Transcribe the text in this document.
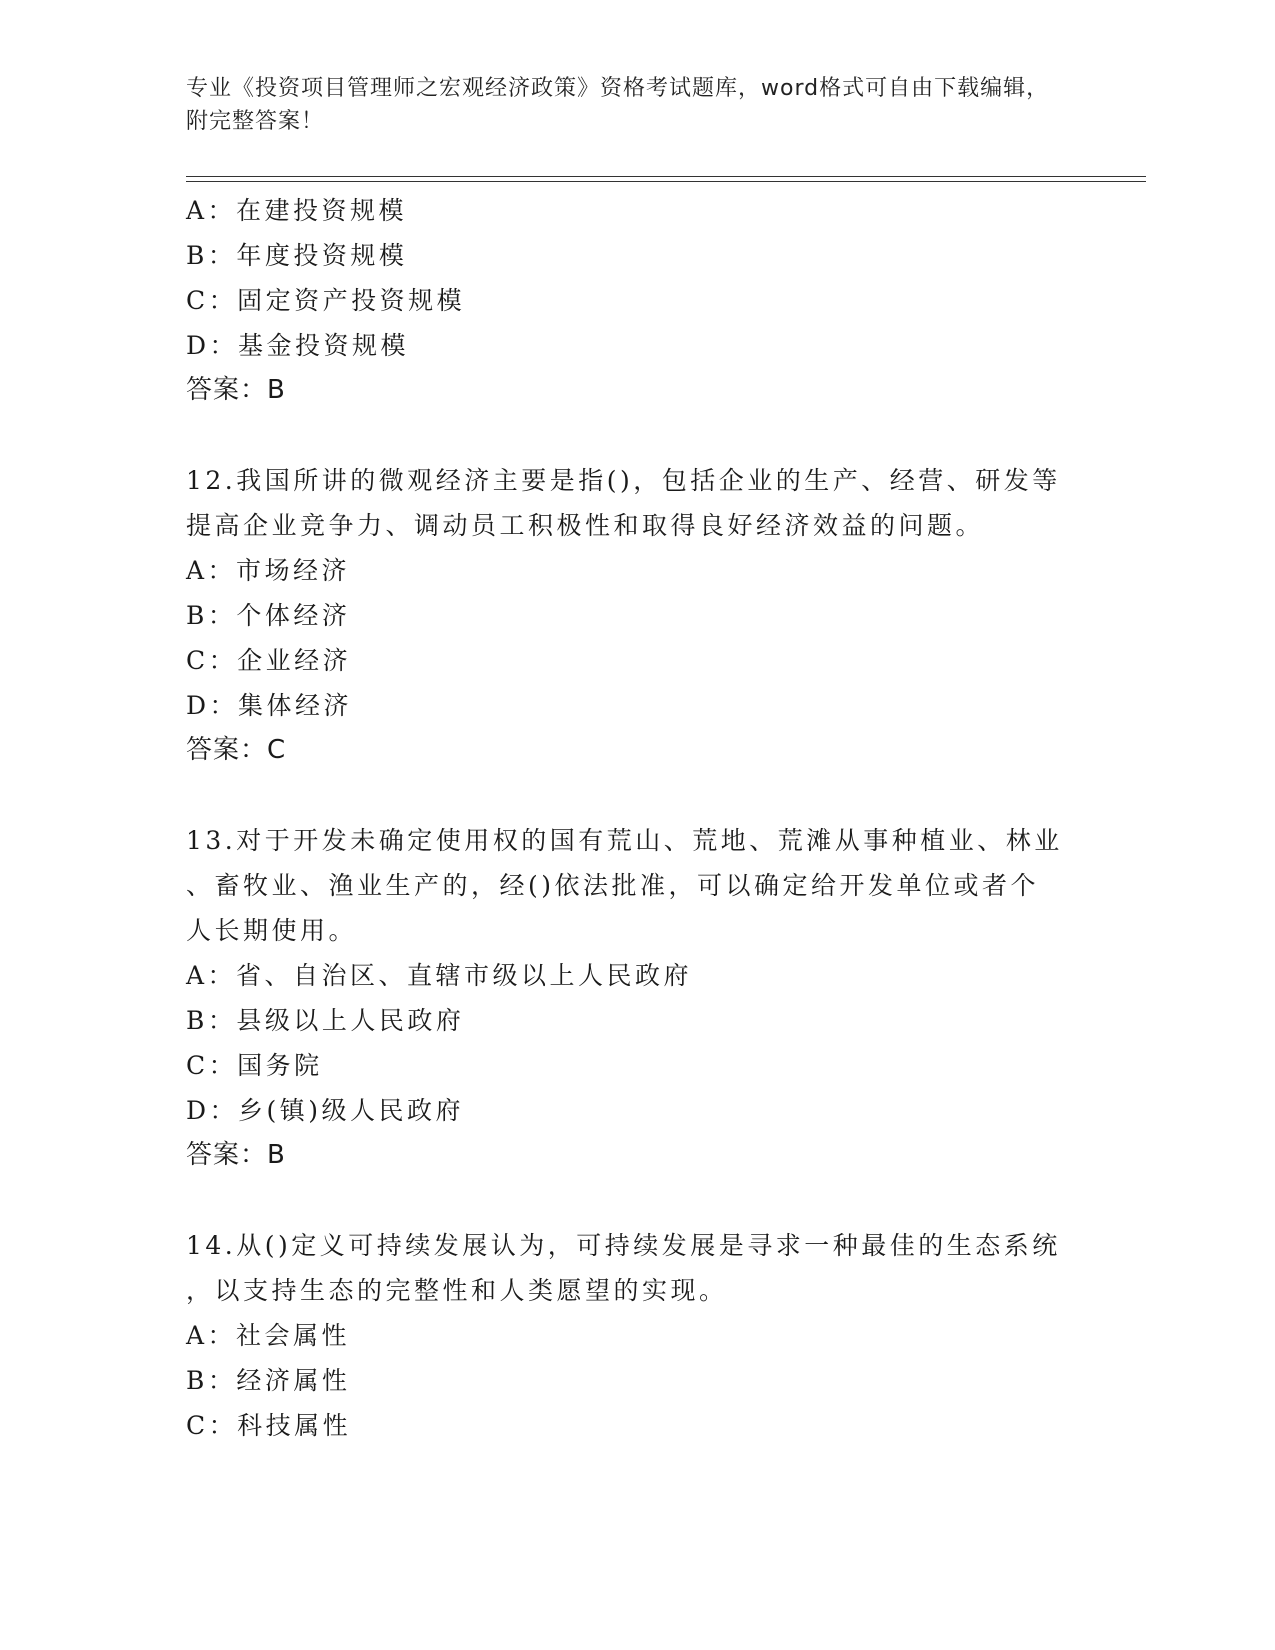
专业《投资项目管理师之宏观经济政策》资格考试题库，word格式可自由下载编辑，附完整答案！
A：在建投资规模
B：年度投资规模
C：固定资产投资规模
D：基金投资规模
答案：B
12.我国所讲的微观经济主要是指()，包括企业的生产、经营、研发等
提高企业竞争力、调动员工积极性和取得良好经济效益的问题。
A：市场经济
B：个体经济
C：企业经济
D：集体经济
答案：C
13.对于开发未确定使用权的国有荒山、荒地、荒滩从事种植业、林业
、畜牧业、渔业生产的，经()依法批准，可以确定给开发单位或者个
人长期使用。
A：省、自治区、直辖市级以上人民政府
B：县级以上人民政府
C：国务院
D：乡(镇)级人民政府
答案：B
14.从()定义可持续发展认为，可持续发展是寻求一种最佳的生态系统
，以支持生态的完整性和人类愿望的实现。
A：社会属性
B：经济属性
C：科技属性
